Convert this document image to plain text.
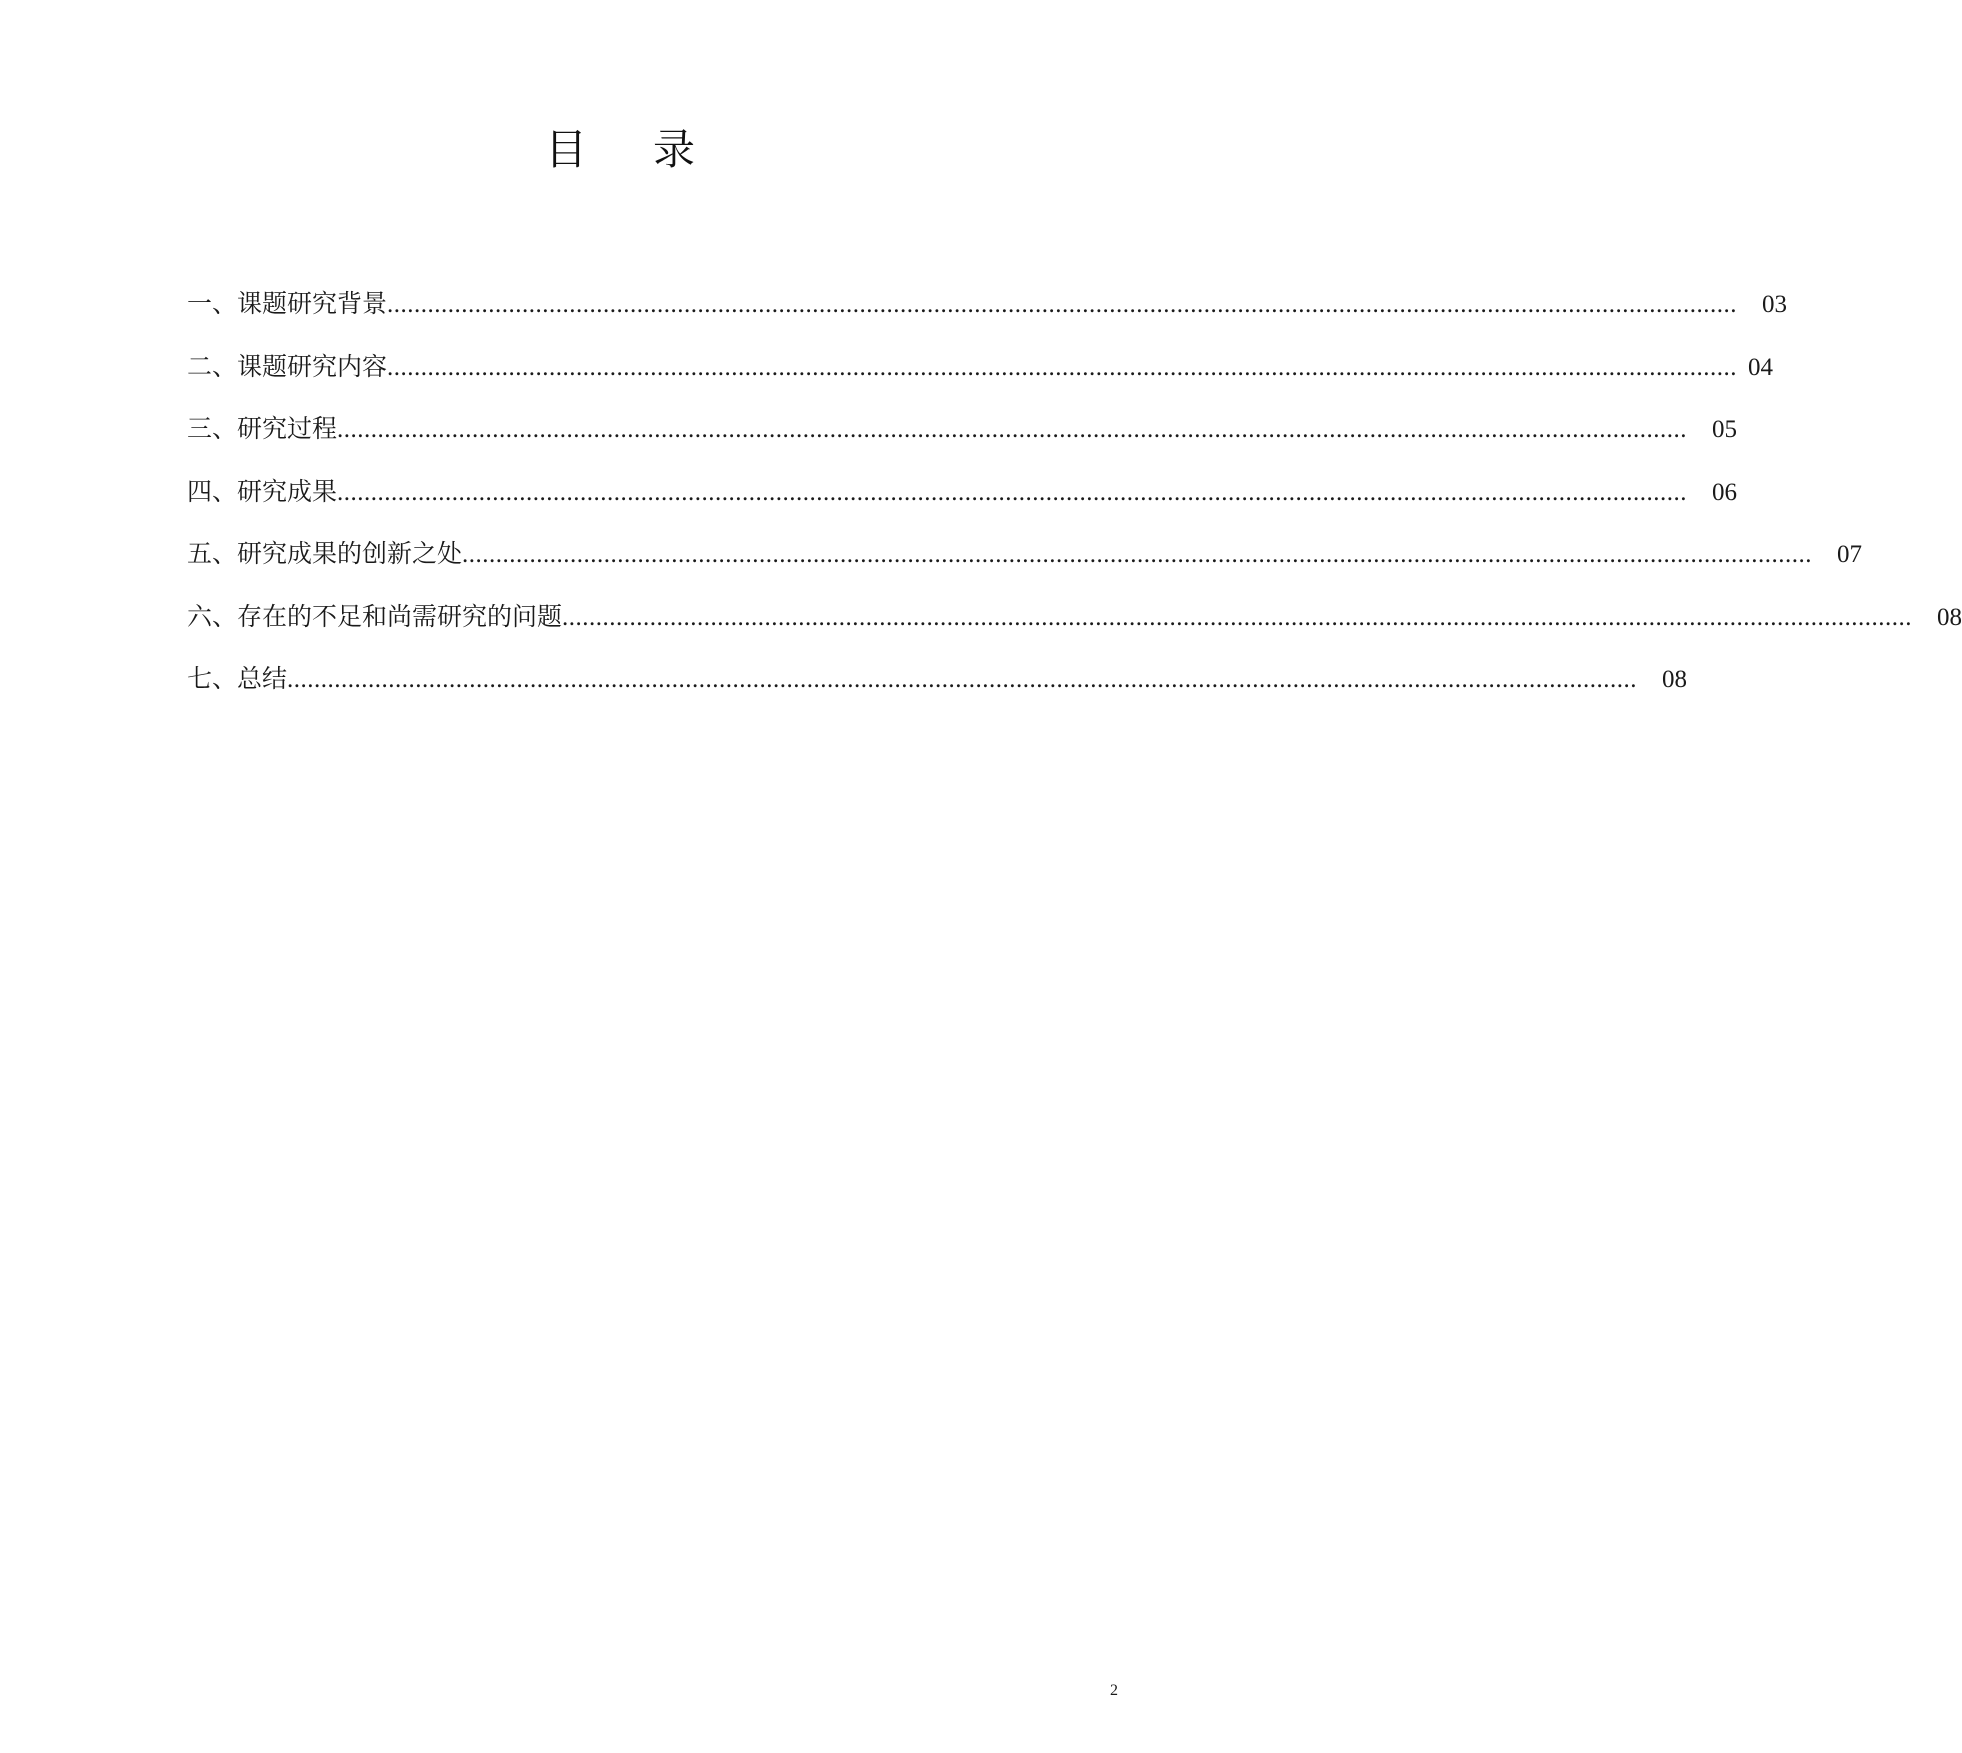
目 录
一、课题研究背景 ........................................................................................................................................................................................................	03
二、课题研究内容 ........................................................................................................................................................................................................ 04
三、研究过程 ........................................................................................................................................................................................................	05
四、研究成果 ........................................................................................................................................................................................................	06
五、研究成果的创新之处 ........................................................................................................................................................................................................	07
六、存在的不足和尚需研究的问题 ........................................................................................................................................................................................................	08
七、总结 ........................................................................................................................................................................................................	08
2
